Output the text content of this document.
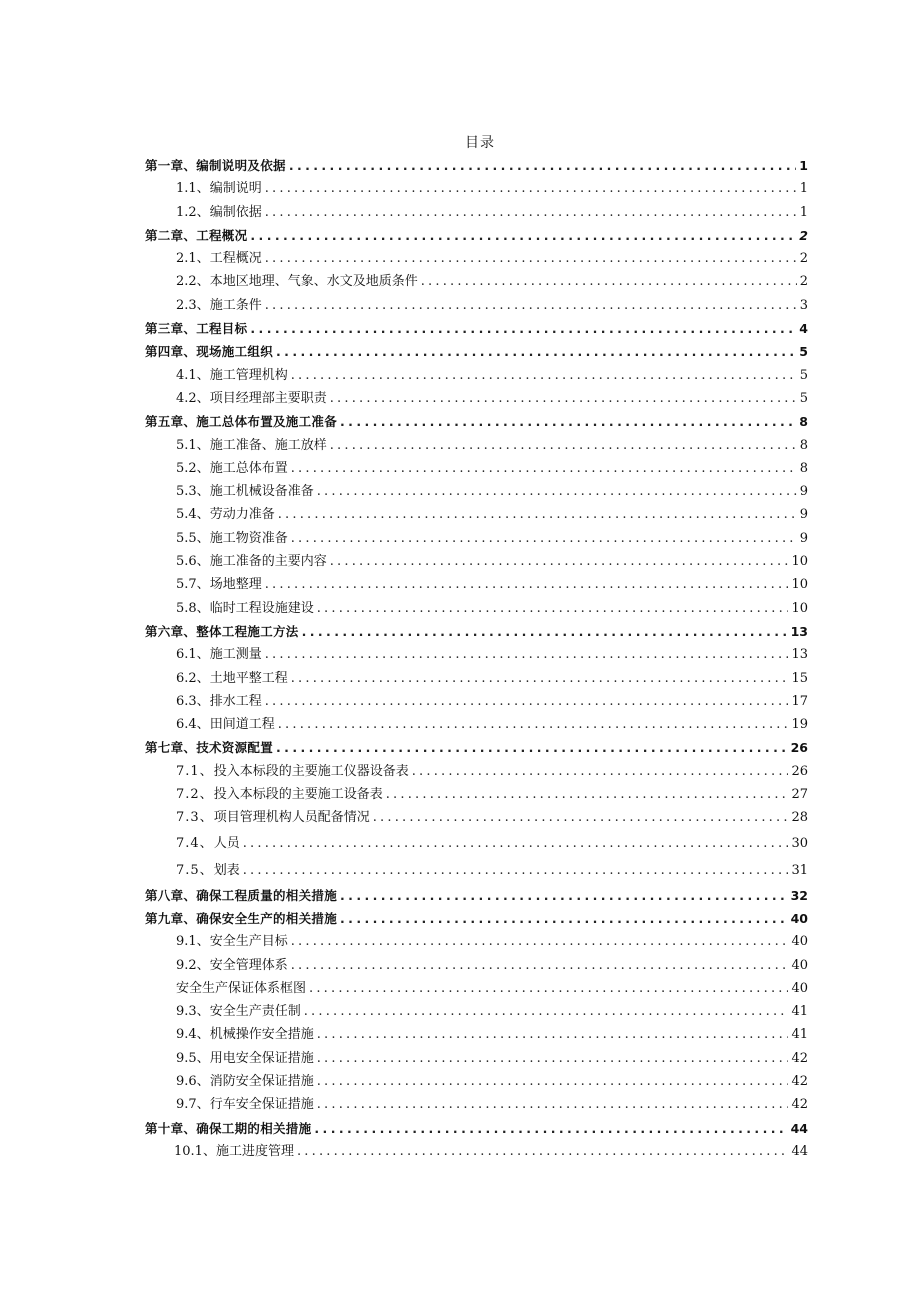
目录
第一章、编制说明及依据 .....	1
1.1、 编制说明 .....	1
1.2、 编制依据 .....	1
第二章、工程概况 .....	2
2.1、 工程概况 .....	2
2.2、 本地区地理、气象、水文及地质条件 .....	2
2.3、 施工条件 .....	3
第三章、工程目标 .....	4
第四章、现场施工组织 .....	5
4.1、 施工管理机构 .....	5
4.2、 项目经理部主要职责 .....	5
第五章、施工总体布置及施工准备 .....	8
5.1、 施工准备、施工放样 .....	8
5.2、 施工总体布置 .....	8
5.3、 施工机械设备准备 .....	9
5.4、 劳动力准备 .....	9
5.5、 施工物资准备 .....	9
5.6、 施工准备的主要内容 .....	10
5.7、 场地整理 .....	10
5.8、 临时工程设施建设 .....	10
第六章、整体工程施工方法 .....	13
6.1、 施工测量 .....	13
6.2、 土地平整工程 .....	15
6.3、 排水工程 .....	17
6.4、 田间道工程 .....	19
第七章、技术资源配置 .....	26
7.1、 投入本标段的主要施工仪器设备表 .....	26
7.2、 投入本标段的主要施工设备表 .....	27
7.3、 项目管理机构人员配备情况 .....	28
7.4、 人员 .....	30
7.5、 划表 .....	31
第八章、确保工程质量的相关措施 .....	32
第九章、确保安全生产的相关措施 .....	40
9.1、 安全生产目标 .....	40
9.2、 安全管理体系 .....	40
安全生产保证体系框图 .....	40
9.3、 安全生产责任制 .....	41
9.4、 机械操作安全措施 .....	41
9.5、 用电安全保证措施 .....	42
9.6、 消防安全保证措施 .....	42
9.7、 行车安全保证措施 .....	42
第十章、确保工期的相关措施 .....	44
10.1、 施工进度管理 .....	44
